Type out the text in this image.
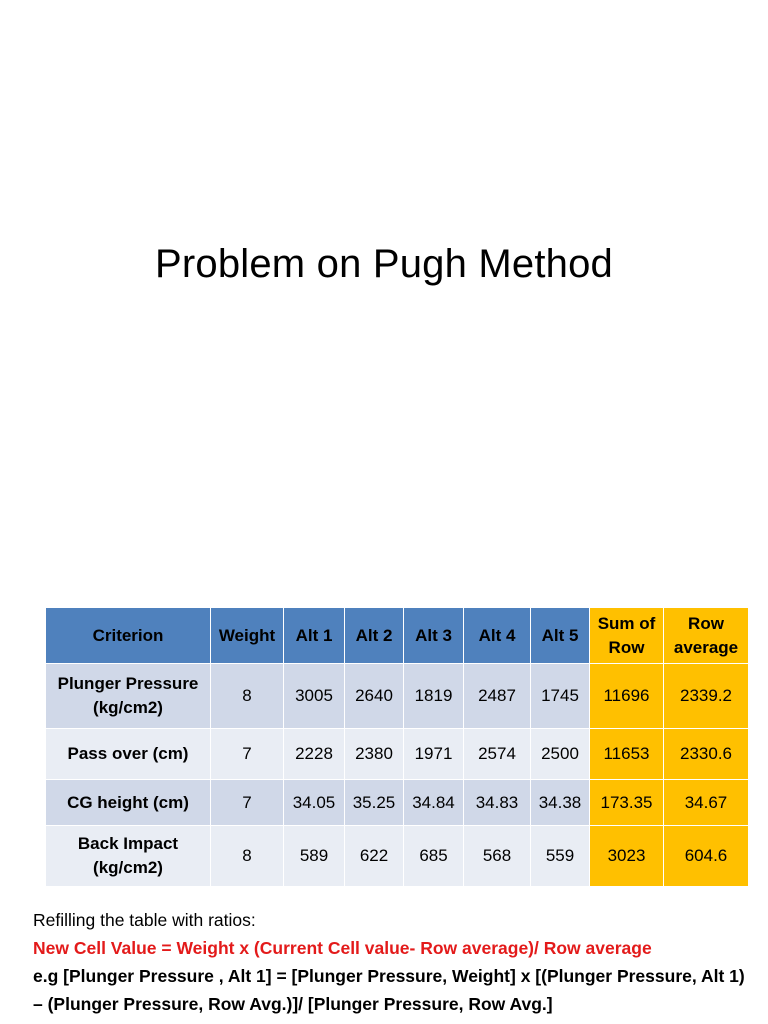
Problem on Pugh Method
Criterion	Weight	Alt 1	Alt 2	Alt 3	Alt 4	Alt 5	Sum of Row	Row average
Plunger Pressure (kg/cm2)	8	3005	2640	1819	2487	1745	11696	2339.2
Pass over (cm)	7	2228	2380	1971	2574	2500	11653	2330.6
CG height (cm)	7	34.05	35.25	34.84	34.83	34.38	173.35	34.67
Back Impact (kg/cm2)	8	589	622	685	568	559	3023	604.6
Refilling the table with ratios:
New Cell Value = Weight x (Current Cell value- Row average)/ Row average
e.g [Plunger Pressure , Alt 1] = [Plunger Pressure, Weight] x [(Plunger Pressure, Alt 1) – (Plunger Pressure, Row Avg.)]/ [Plunger Pressure, Row Avg.]
